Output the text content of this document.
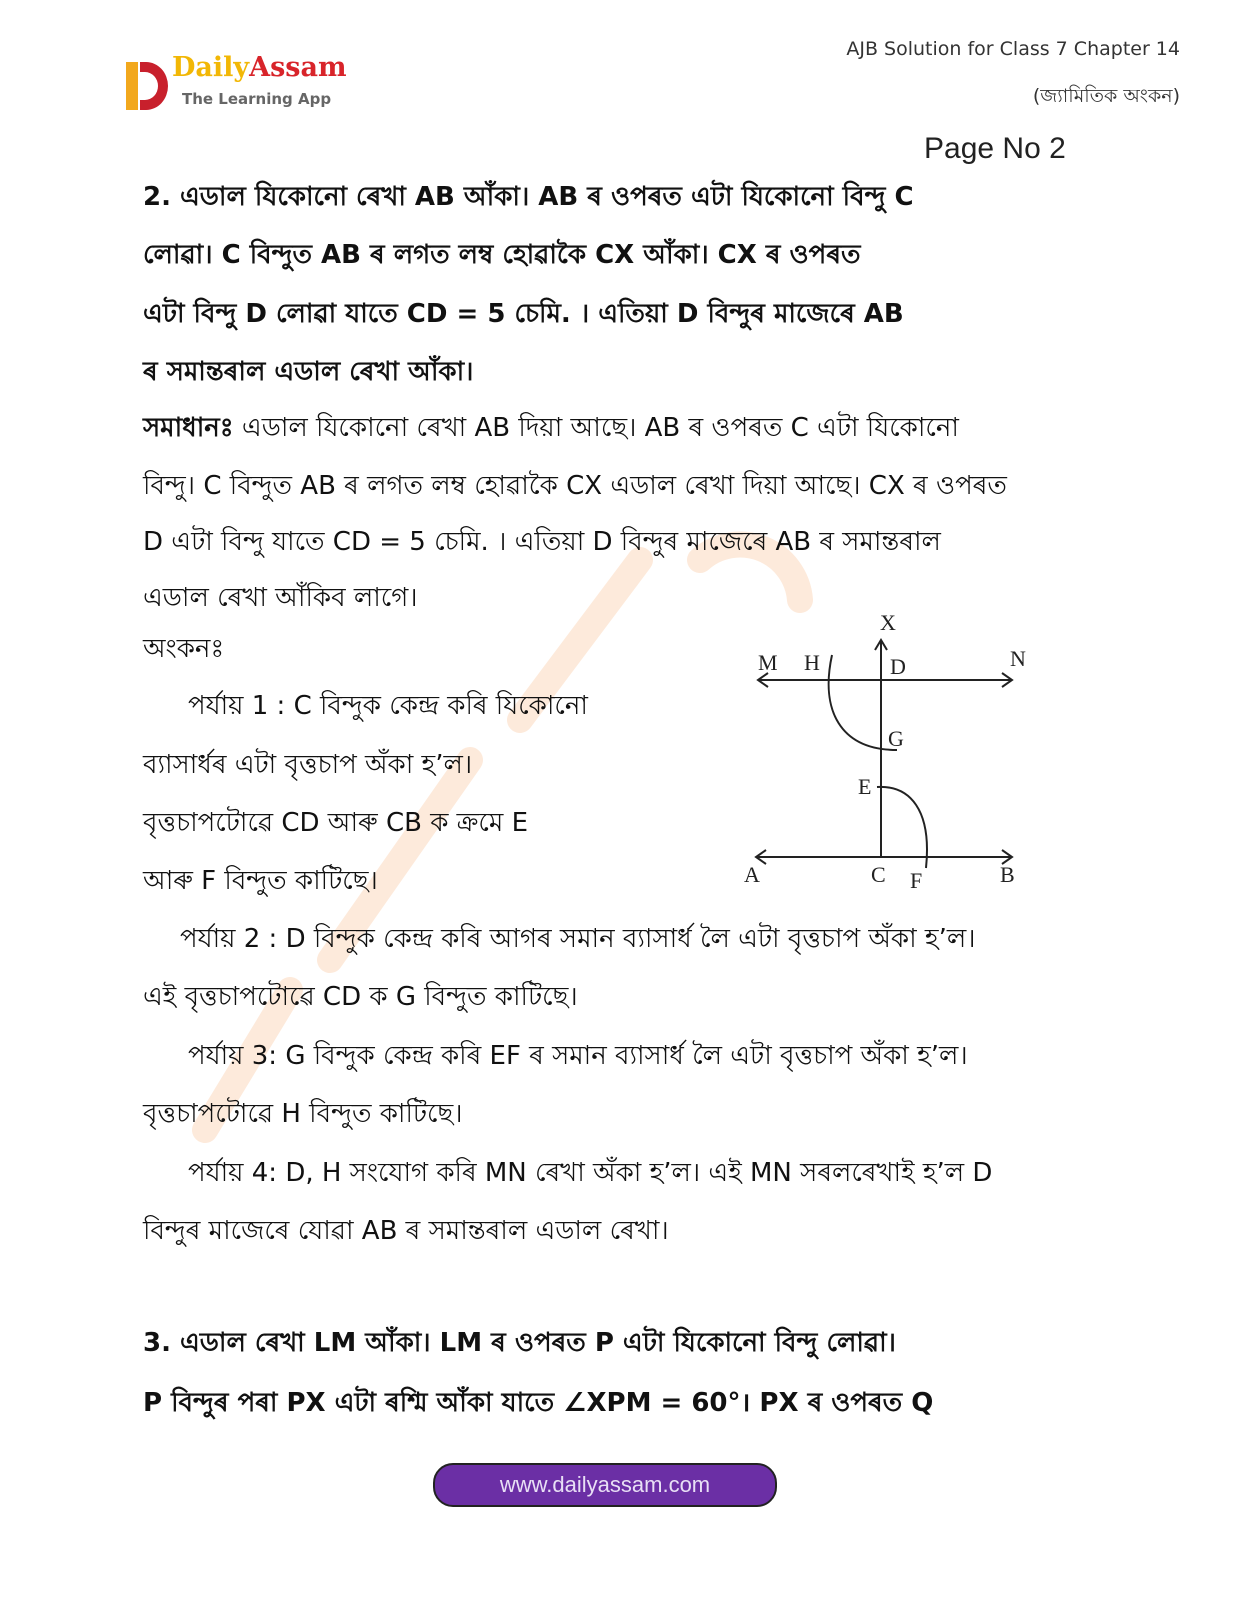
DailyAssam
The Learning App
AJB Solution for Class 7 Chapter 14
(জ্যামিতিক অংকন)
Page No 2
2. এডাল যিকোনো ৰেখা AB আঁকা। AB ৰ ওপৰত এটা যিকোনো বিন্দু C
লোৱা। C বিন্দুত AB ৰ লগত লম্ব হোৱাকৈ CX আঁকা। CX ৰ ওপৰত
এটা বিন্দু D লোৱা যাতে CD = 5 চেমি. । এতিয়া D বিন্দুৰ মাজেৰে AB
ৰ সমান্তৰাল এডাল ৰেখা আঁকা।
সমাধানঃ এডাল যিকোনো ৰেখা AB দিয়া আছে। AB ৰ ওপৰত C এটা যিকোনো
বিন্দু। C বিন্দুত AB ৰ লগত লম্ব হোৱাকৈ CX এডাল ৰেখা দিয়া আছে। CX ৰ ওপৰত
D এটা বিন্দু যাতে CD = 5 চেমি. । এতিয়া D বিন্দুৰ মাজেৰে AB ৰ সমান্তৰাল
এডাল ৰেখা আঁকিব লাগে।
অংকনঃ
পৰ্যায় 1 : C বিন্দুক কেন্দ্ৰ কৰি যিকোনো
ব্যাসাৰ্ধৰ এটা বৃত্তচাপ অঁকা হ’ল।
বৃত্তচাপটোৱে CD আৰু CB ক ক্ৰমে E
আৰু F বিন্দুত কাটিছে।
পৰ্যায় 2 : D বিন্দুক কেন্দ্ৰ কৰি আগৰ সমান ব্যাসাৰ্ধ লৈ এটা বৃত্তচাপ অঁকা হ’ল।
এই বৃত্তচাপটোৱে CD ক G বিন্দুত কাটিছে।
পৰ্যায় 3: G বিন্দুক কেন্দ্ৰ কৰি EF ৰ সমান ব্যাসাৰ্ধ লৈ এটা বৃত্তচাপ অঁকা হ’ল।
বৃত্তচাপটোৱে H বিন্দুত কাটিছে।
পৰ্যায় 4: D, H সংযোগ কৰি MN ৰেখা অঁকা হ’ল। এই MN সৰলৰেখাই হ’ল D
বিন্দুৰ মাজেৰে যোৱা AB ৰ সমান্তৰাল এডাল ৰেখা।
3. এডাল ৰেখা LM আঁকা। LM ৰ ওপৰত P এটা যিকোনো বিন্দু লোৱা।
P বিন্দুৰ পৰা PX এটা ৰশ্মি আঁকা যাতে ∠XPM = 60°। PX ৰ ওপৰত Q
X
M H	D	N
G
E
A	C F	B
www.dailyassam.com
